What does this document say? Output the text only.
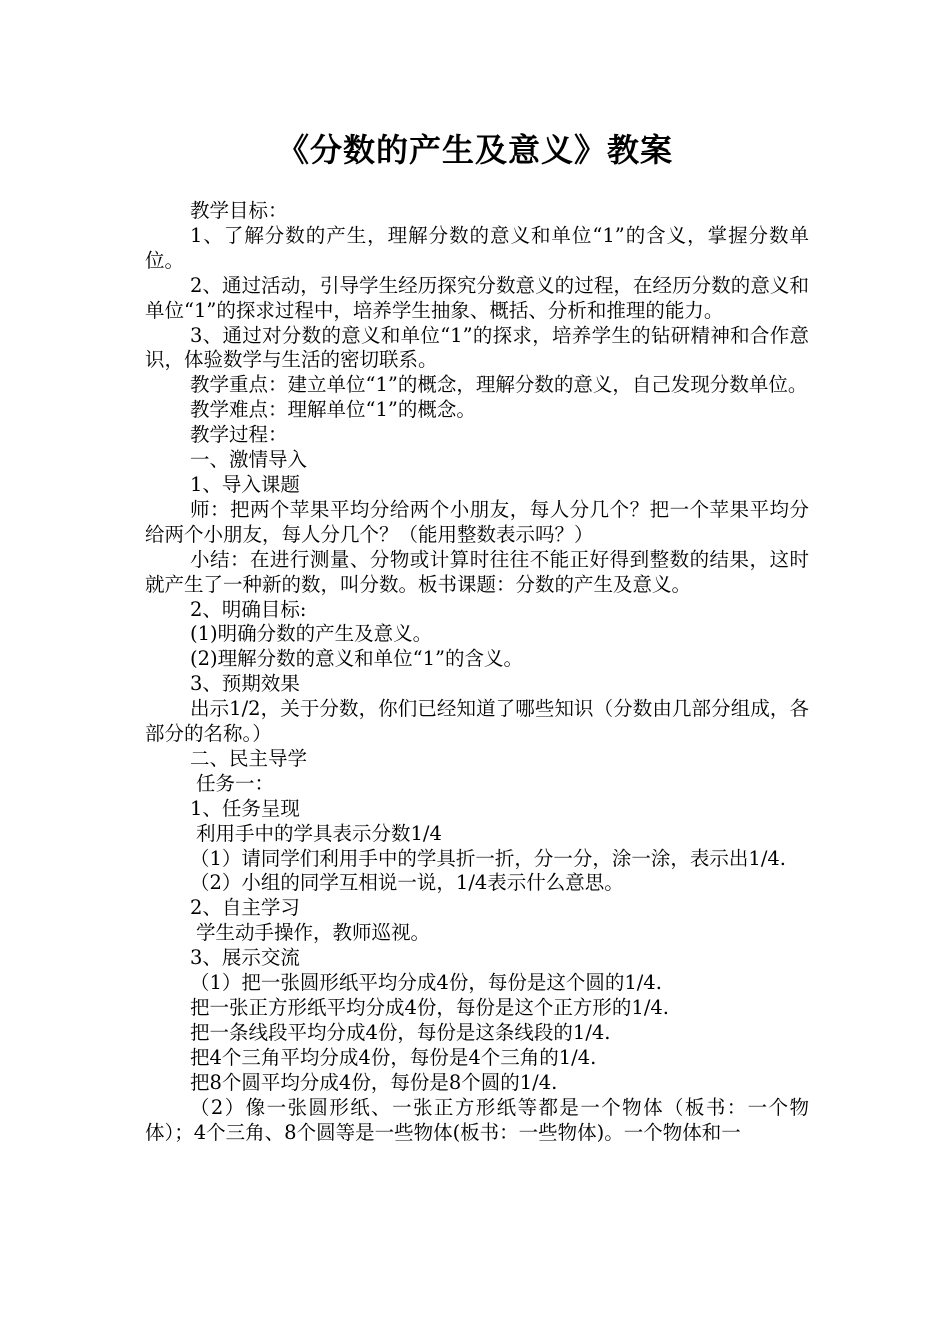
《分数的产生及意义》教案

教学目标：

1、了解分数的产生，理解分数的意义和单位“1”的含义，掌握分数单位。

2、通过活动，引导学生经历探究分数意义的过程，在经历分数的意义和单位“1”的探求过程中，培养学生抽象、概括、分析和推理的能力。

3、通过对分数的意义和单位“1”的探求，培养学生的钻研精神和合作意识，体验数学与生活的密切联系。

教学重点：建立单位“1”的概念，理解分数的意义，自己发现分数单位。

教学难点：理解单位“1”的概念。

教学过程：

一、激情导入

1、导入课题

师：把两个苹果平均分给两个小朋友，每人分几个？把一个苹果平均分给两个小朋友，每人分几个？（能用整数表示吗？）

小结：在进行测量、分物或计算时往往不能正好得到整数的结果，这时就产生了一种新的数，叫分数。板书课题：分数的产生及意义。

2、明确目标:

(1)明确分数的产生及意义。

(2)理解分数的意义和单位“1”的含义。

3、预期效果

出示1/2，关于分数，你们已经知道了哪些知识（分数由几部分组成，各部分的名称。）

二、民主导学

任务一：

1、任务呈现

利用手中的学具表示分数1/4

（1）请同学们利用手中的学具折一折，分一分，涂一涂，表示出1/4.

（2）小组的同学互相说一说，1/4表示什么意思。

2、自主学习

学生动手操作，教师巡视。

3、展示交流

（1）把一张圆形纸平均分成4份，每份是这个圆的1/4.

把一张正方形纸平均分成4份，每份是这个正方形的1/4.

把一条线段平均分成4份，每份是这条线段的1/4.

把4个三角平均分成4份，每份是4个三角的1/4.

把8个圆平均分成4份，每份是8个圆的1/4.

（2）像一张圆形纸、一张正方形纸等都是一个物体（板书：一个物体）；4个三角、8个圆等是一些物体(板书：一些物体)。一个物体和一
